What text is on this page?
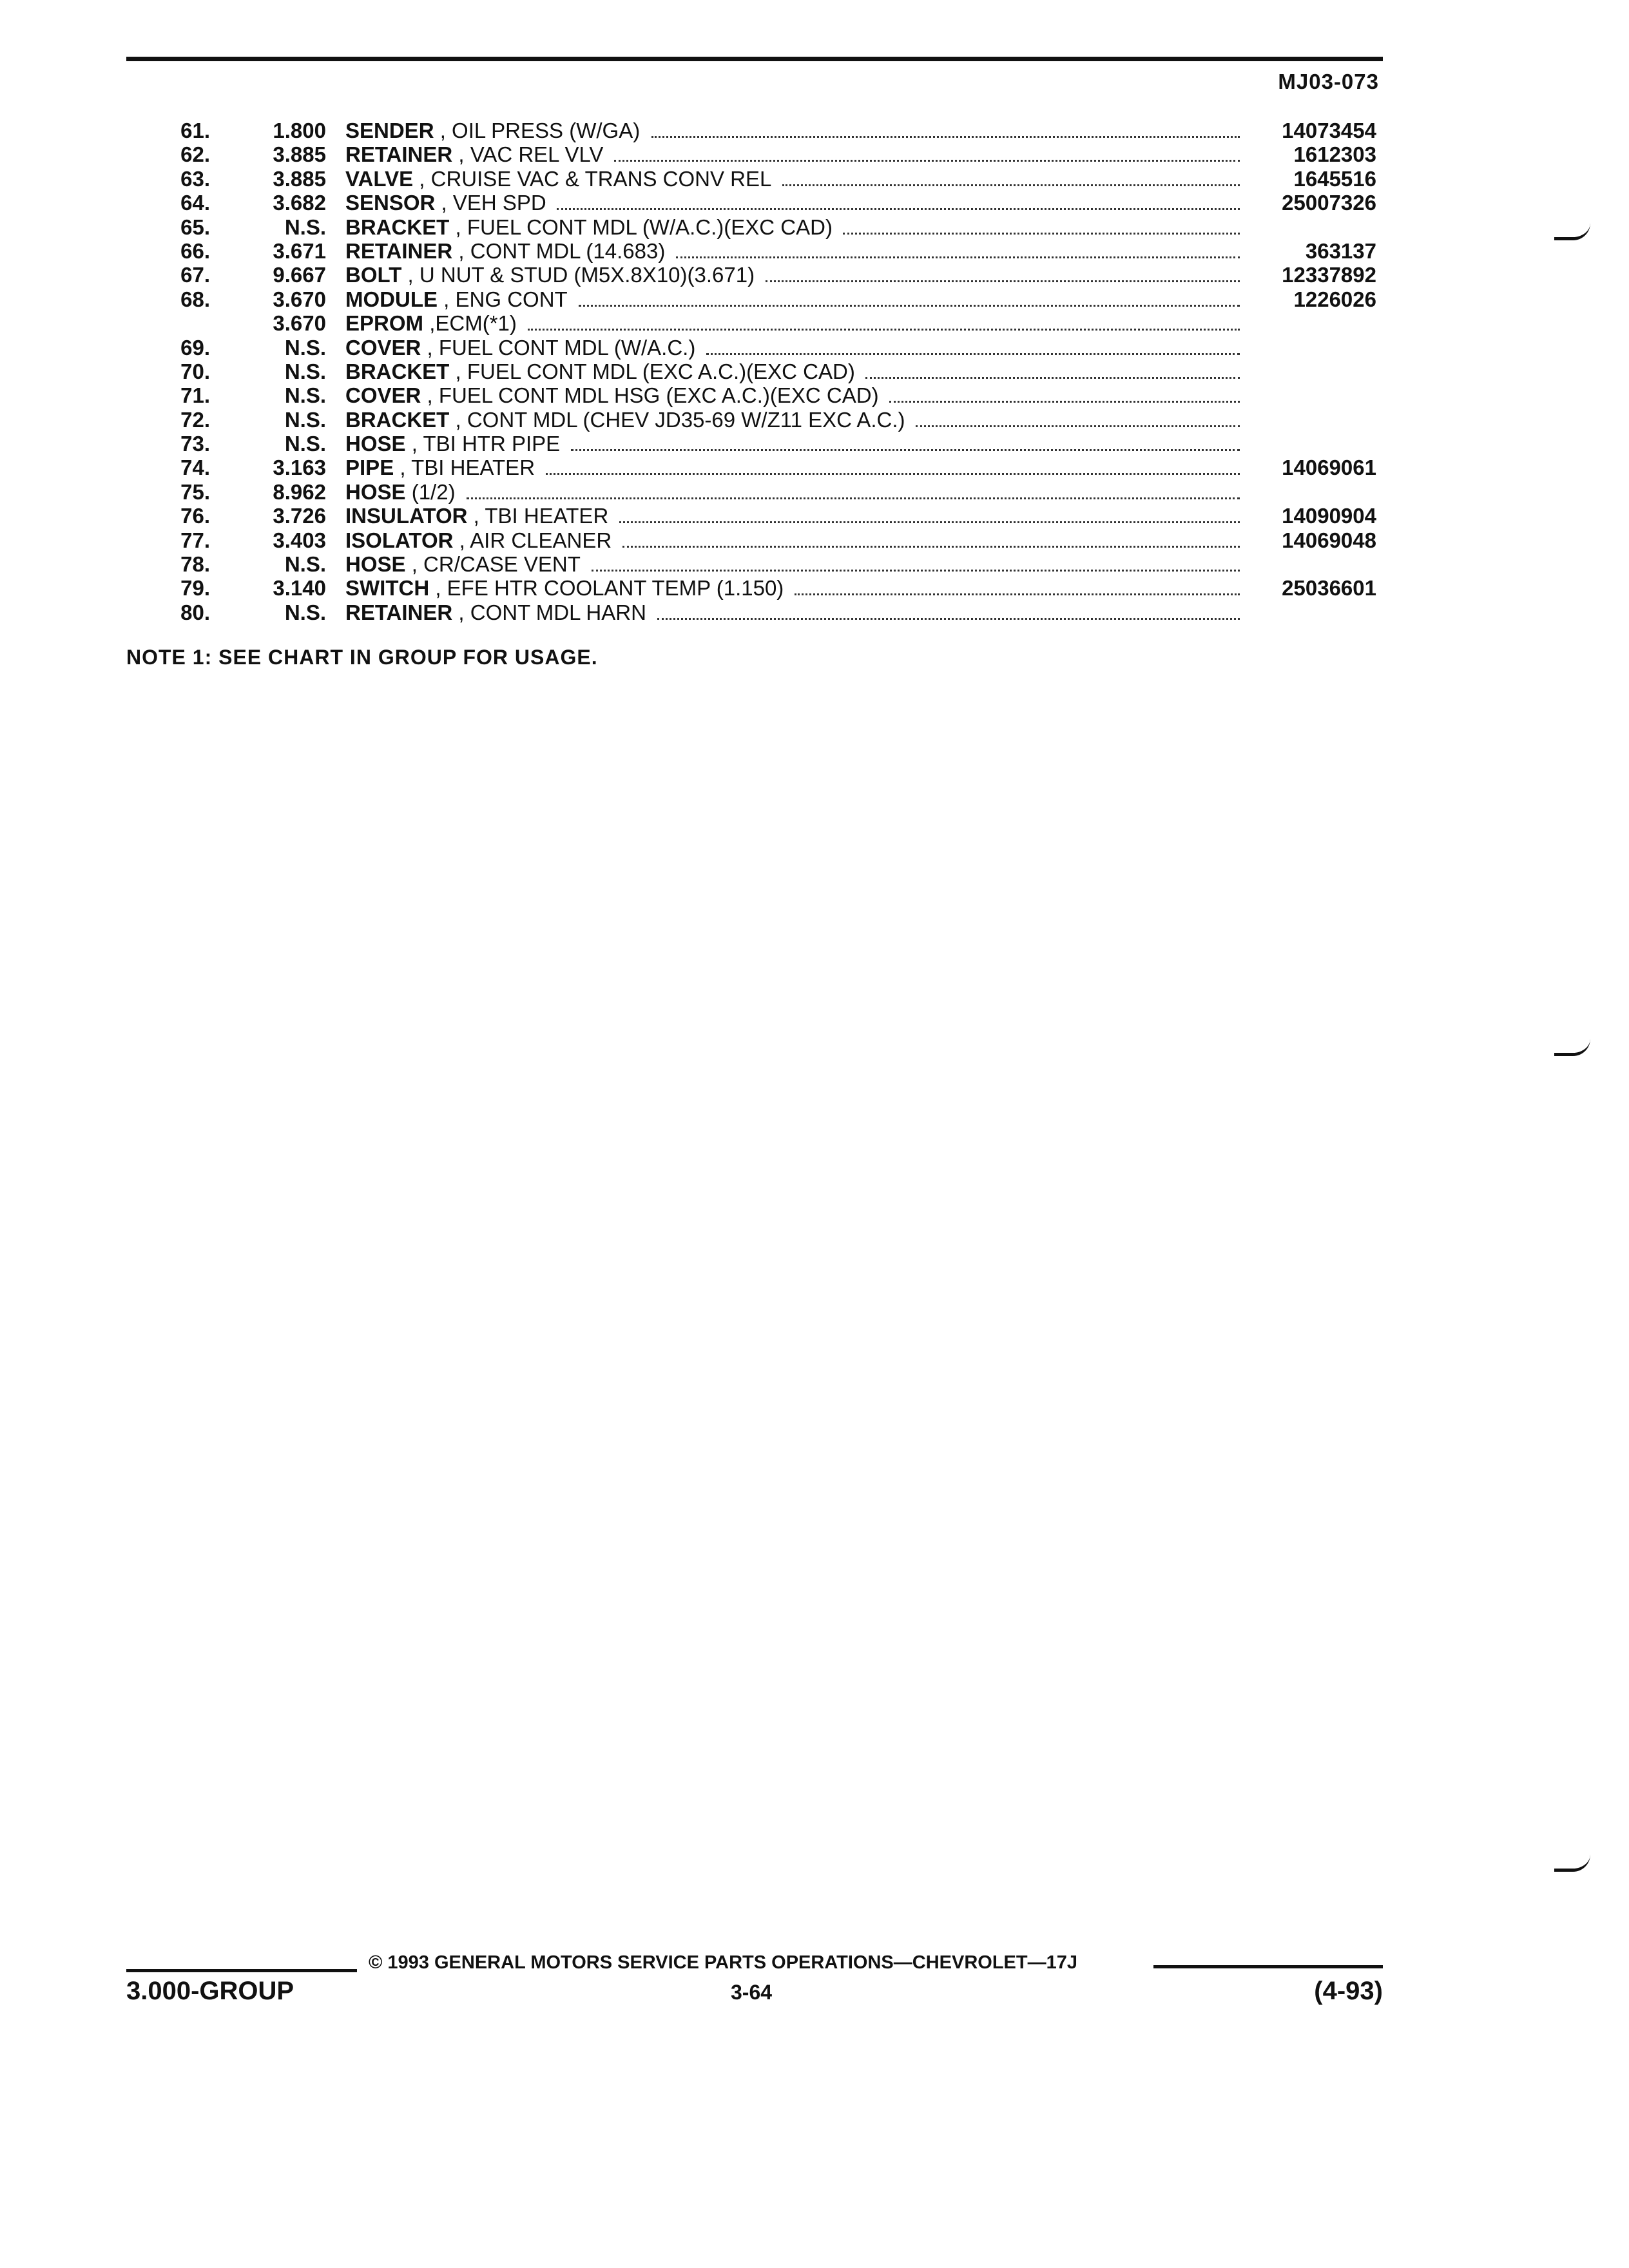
MJ03-073
61.	1.800 SENDER , OIL PRESS (W/GA)	14073454
62.	3.885 RETAINER , VAC REL VLV	1612303
63.	3.885 VALVE , CRUISE VAC & TRANS CONV REL	1645516
64.	3.682 SENSOR , VEH SPD	25007326
65.	N.S. BRACKET , FUEL CONT MDL (W/A.C.)(EXC CAD)
66.	3.671 RETAINER , CONT MDL (14.683)	363137
67.	9.667 BOLT , U NUT & STUD (M5X.8X10)(3.671)	12337892
68.	3.670 MODULE , ENG CONT	1226026
3.670 EPROM ,ECM(*1)
69.	N.S. COVER , FUEL CONT MDL (W/A.C.)
70.	N.S. BRACKET , FUEL CONT MDL (EXC A.C.)(EXC CAD)
71.	N.S. COVER , FUEL CONT MDL HSG (EXC A.C.)(EXC CAD)
72.	N.S. BRACKET , CONT MDL (CHEV JD35-69 W/Z11 EXC A.C.)
73.	N.S. HOSE , TBI HTR PIPE
74.	3.163 PIPE , TBI HEATER	14069061
75.	8.962 HOSE (1/2)
76.	3.726 INSULATOR , TBI HEATER	14090904
77.	3.403 ISOLATOR , AIR CLEANER	14069048
78.	N.S. HOSE , CR/CASE VENT
79.	3.140 SWITCH , EFE HTR COOLANT TEMP (1.150)	25036601
80.	N.S. RETAINER , CONT MDL HARN
NOTE 1: SEE CHART IN GROUP FOR USAGE.
© 1993 GENERAL MOTORS SERVICE PARTS OPERATIONS—CHEVROLET—17J
3.000-GROUP	3-64	(4-93)
